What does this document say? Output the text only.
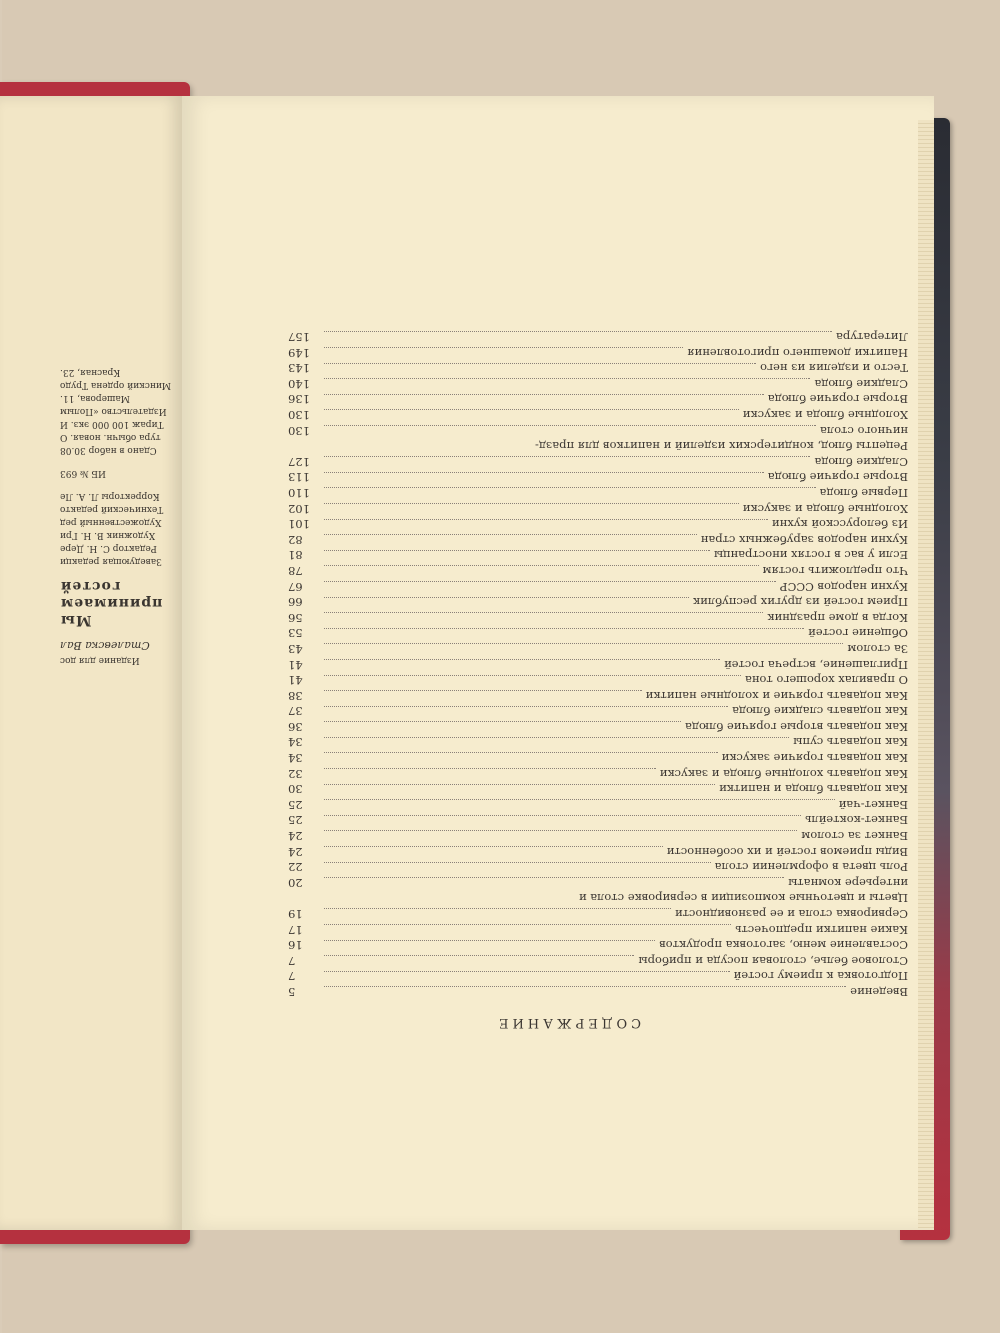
Издание для дос
Сталевска Вал
Мы
принимаем
гостей
Заведующая редакци
Редактор С. Н. Дере
Художник В. Н. Гри
Художественный ред
Технический редакто
Корректоры Л. А. Ле
ИБ № 693
Сдано в набор 30.08
тура обычн. новая. О
Тираж 100 000 экз. И
Издательство «Полым
Машерова, 11.
Минский ордена Трудо
Красная, 23.
СОДЕРЖАНИЕ
Введение
5
Подготовка к приему гостей
7
Столовое белье, столовая посуда и приборы
7
Составление меню, заготовка продуктов
16
Какие напитки предпочесть
17
Сервировка стола и ее разновидности
19
Цветы и цветочные композиции в сервировке стола и
интерьере комнаты
20
Роль цвета в оформлении стола
22
Виды приемов гостей и их особенности
24
Банкет за столом
24
Банкет-коктейль
25
Банкет-чай
25
Как подавать блюда и напитки
30
Как подавать холодные блюда и закуски
32
Как подавать горячие закуски
34
Как подавать супы
34
Как подавать вторые горячие блюда
36
Как подавать сладкие блюда
37
Как подавать горячие и холодные напитки
38
О правилах хорошего тона
41
Приглашение, встреча гостей
41
За столом
43
Общение гостей
53
Когда в доме праздник
56
Прием гостей из других республик
66
Кухни народов СССР
67
Что предложить гостям
78
Если у вас в гостях иностранцы
81
Кухни народов зарубежных стран
82
Из белорусской кухни
101
Холодные блюда и закуски
102
Первые блюда
110
Вторые горячие блюда
113
Сладкие блюда
127
Рецепты блюд, кондитерских изделий и напитков для празд-
ничного стола
130
Холодные блюда и закуски
130
Вторые горячие блюда
136
Сладкие блюда
140
Тесто и изделия из него
143
Напитки домашнего приготовления
149
Литература
157
